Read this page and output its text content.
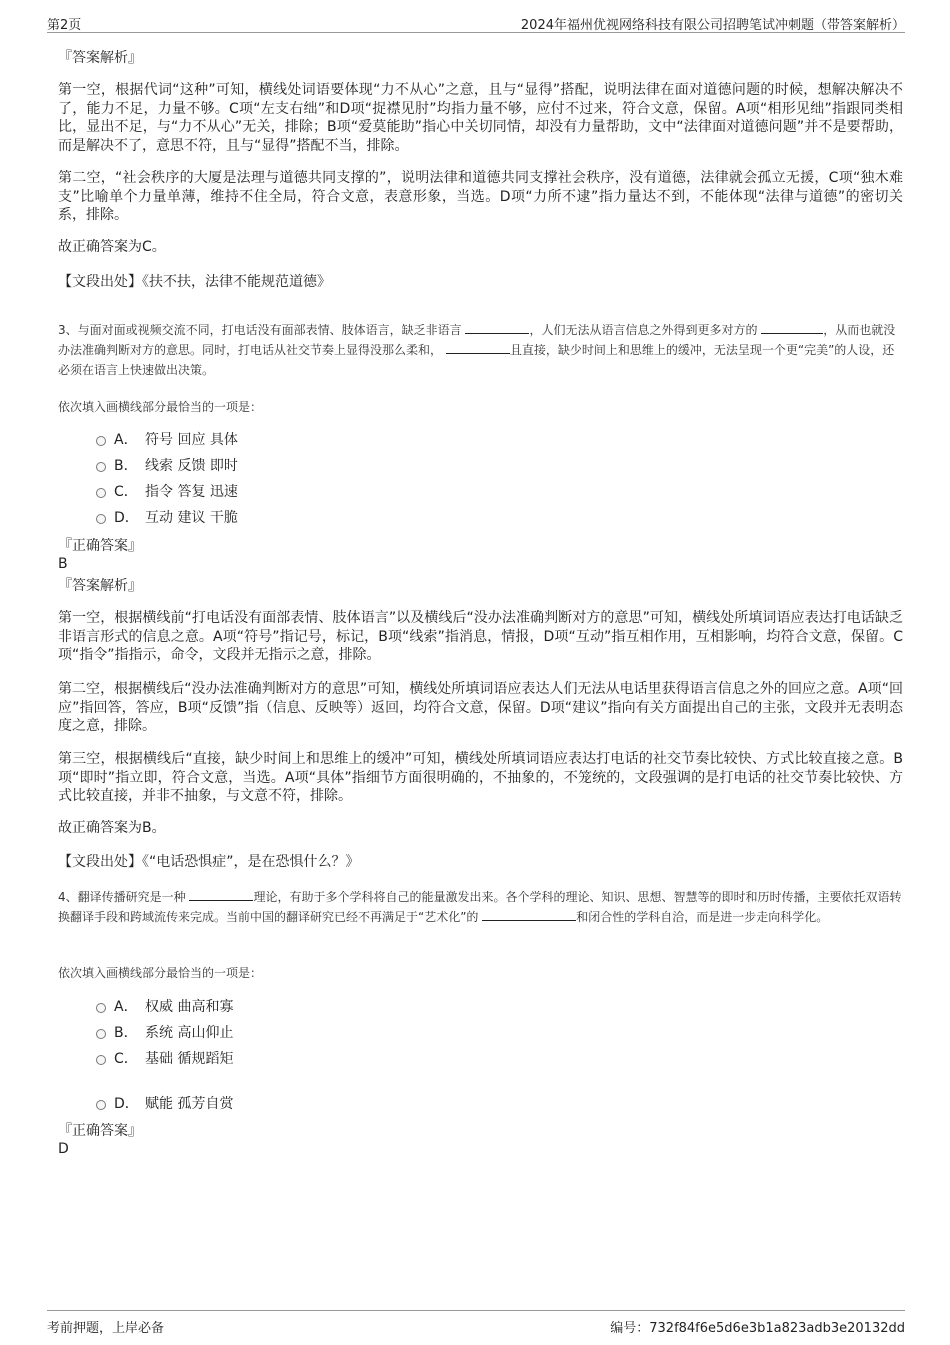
第2页	2024年福州优视网络科技有限公司招聘笔试冲刺题（带答案解析）
『答案解析』
第一空，根据代词“这种”可知，横线处词语要体现“力不从心”之意，且与“显得”搭配，说明法律在面对道德问题的时候，想解决解决不了，能力不足，力量不够。C项“左支右绌”和D项“捉襟见肘”均指力量不够，应付不过来，符合文意，保留。A项“相形见绌”指跟同类相比，显出不足，与“力不从心”无关，排除；B项“爱莫能助”指心中关切同情，却没有力量帮助，文中“法律面对道德问题”并不是要帮助，而是解决不了，意思不符，且与“显得”搭配不当，排除。
第二空，“社会秩序的大厦是法理与道德共同支撑的”，说明法律和道德共同支撑社会秩序，没有道德，法律就会孤立无援，C项“独木难支”比喻单个力量单薄，维持不住全局，符合文意，表意形象，当选。D项“力所不逮”指力量达不到，不能体现“法律与道德”的密切关系，排除。
故正确答案为C。
【文段出处】《扶不扶，法律不能规范道德》
3、与面对面或视频交流不同，打电话没有面部表情、肢体语言，缺乏非语言	，人们无法从语言信息之外得到更多对方的	，从而也就没办法准确判断对方的意思。同时，打电话从社交节奏上显得没那么柔和，	且直接，缺少时间上和思维上的缓冲，无法呈现一个更“完美”的人设，还必须在语言上快速做出决策。
依次填入画横线部分最恰当的一项是：
A． 符号 回应 具体
B． 线索 反馈 即时
C． 指令 答复 迅速
D． 互动 建议 干脆
『正确答案』
B
『答案解析』
第一空，根据横线前“打电话没有面部表情、肢体语言”以及横线后“没办法准确判断对方的意思”可知，横线处所填词语应表达打电话缺乏非语言形式的信息之意。A项“符号”指记号，标记，B项“线索”指消息，情报，D项“互动”指互相作用，互相影响，均符合文意，保留。C项“指令”指指示，命令，文段并无指示之意，排除。
第二空，根据横线后“没办法准确判断对方的意思”可知，横线处所填词语应表达人们无法从电话里获得语言信息之外的回应之意。A项“回应”指回答，答应，B项“反馈”指（信息、反映等）返回，均符合文意，保留。D项“建议”指向有关方面提出自己的主张，文段并无表明态度之意，排除。
第三空，根据横线后“直接，缺少时间上和思维上的缓冲”可知，横线处所填词语应表达打电话的社交节奏比较快、方式比较直接之意。B项“即时”指立即，符合文意，当选。A项“具体”指细节方面很明确的，不抽象的，不笼统的，文段强调的是打电话的社交节奏比较快、方式比较直接，并非不抽象，与文意不符，排除。
故正确答案为B。
【文段出处】《“电话恐惧症”，是在恐惧什么？》
4、翻译传播研究是一种	理论，有助于多个学科将自己的能量激发出来。各个学科的理论、知识、思想、智慧等的即时和历时传播，主要依托双语转换翻译手段和跨域流传来完成。当前中国的翻译研究已经不再满足于“艺术化”的	和闭合性的学科自洽，而是进一步走向科学化。
依次填入画横线部分最恰当的一项是：
A． 权威 曲高和寡
B． 系统 高山仰止
C． 基础 循规蹈矩
D． 赋能 孤芳自赏
『正确答案』
D
考前押题，上岸必备	编号：732f84f6e5d6e3b1a823adb3e20132dd
